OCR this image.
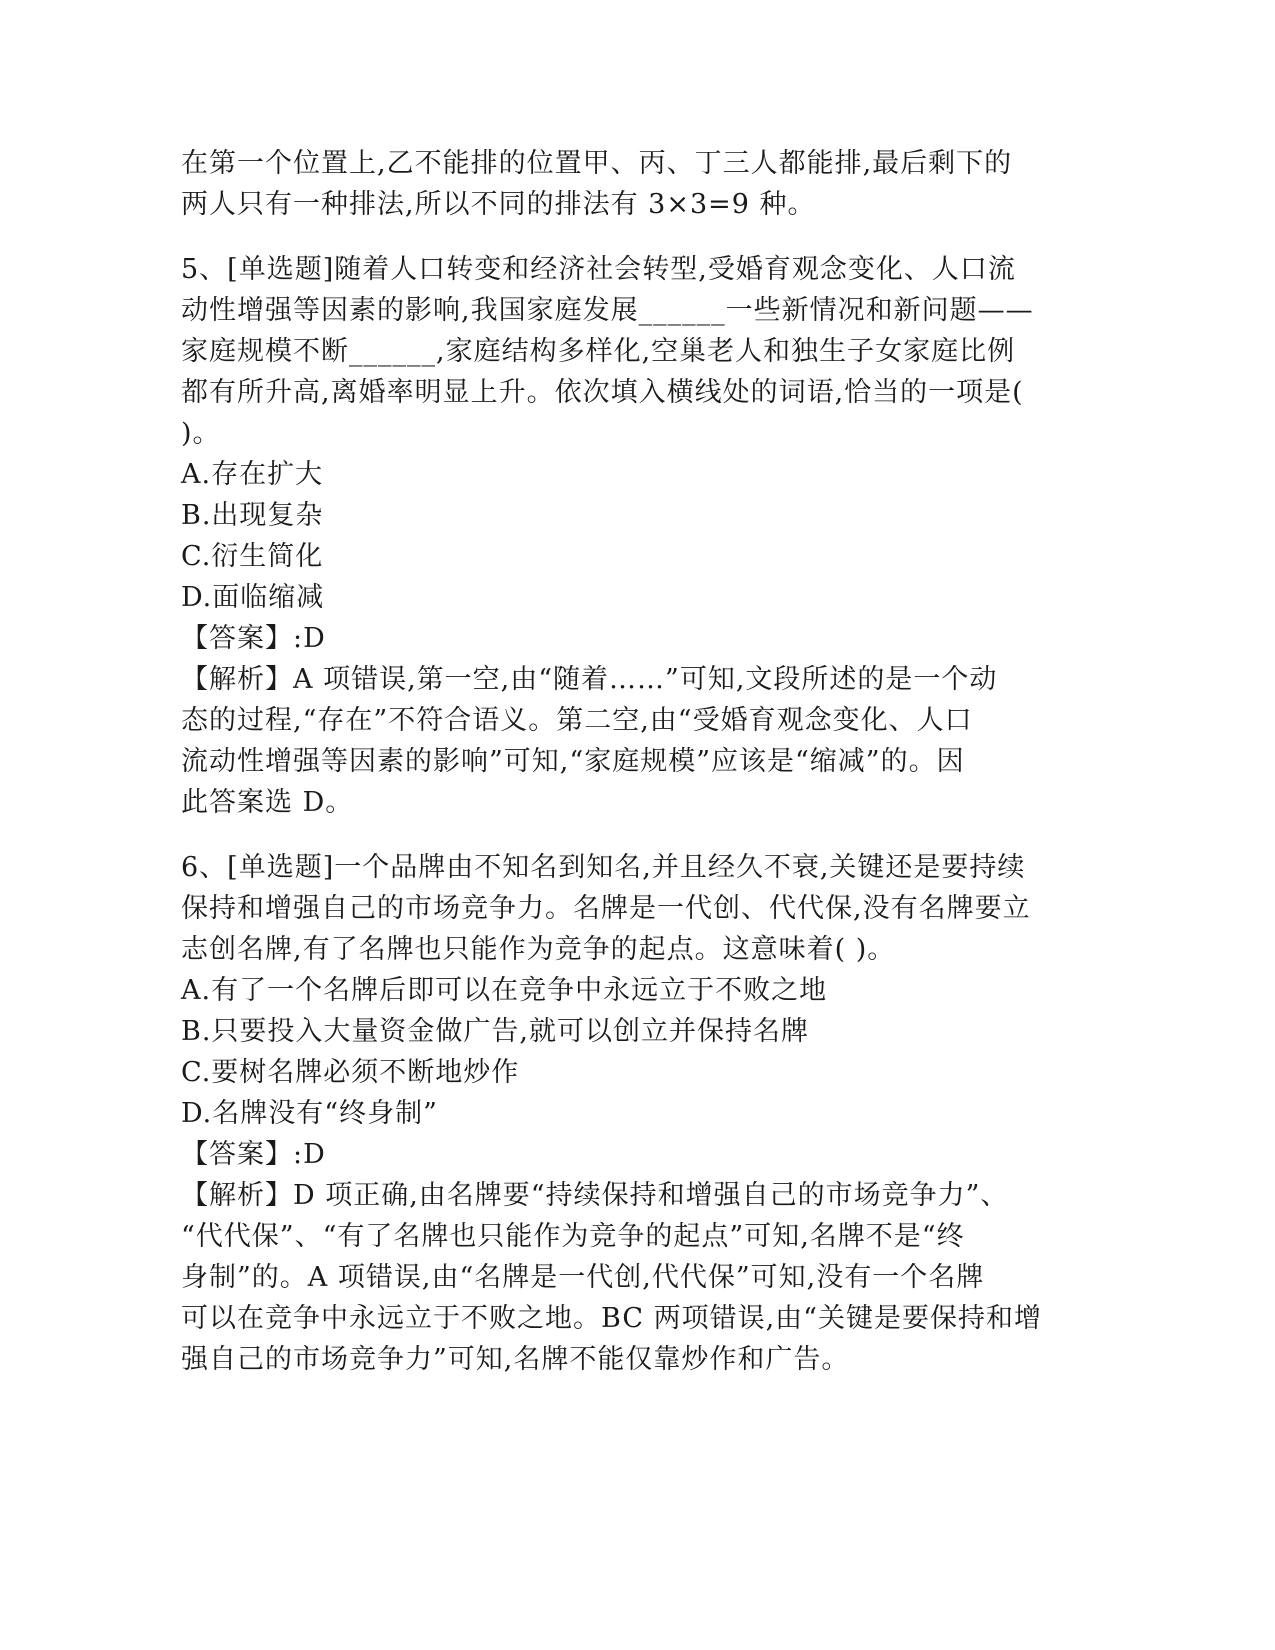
在第一个位置上,乙不能排的位置甲、丙、丁三人都能排,最后剩下的

两人只有一种排法,所以不同的排法有 3×3=9 种。

5、[单选题]随着人口转变和经济社会转型,受婚育观念变化、人口流

动性增强等因素的影响,我国家庭发展______一些新情况和新问题——

家庭规模不断______,家庭结构多样化,空巢老人和独生子女家庭比例

都有所升高,离婚率明显上升。依次填入横线处的词语,恰当的一项是(

)。

A.存在扩大

B.出现复杂

C.衍生简化

D.面临缩减

【答案】:D

【解析】A 项错误,第一空,由“随着……”可知,文段所述的是一个动

态的过程,“存在”不符合语义。第二空,由“受婚育观念变化、人口

流动性增强等因素的影响”可知,“家庭规模”应该是“缩减”的。因

此答案选 D。

6、[单选题]一个品牌由不知名到知名,并且经久不衰,关键还是要持续

保持和增强自己的市场竞争力。名牌是一代创、代代保,没有名牌要立

志创名牌,有了名牌也只能作为竞争的起点。这意味着( )。

A.有了一个名牌后即可以在竞争中永远立于不败之地

B.只要投入大量资金做广告,就可以创立并保持名牌

C.要树名牌必须不断地炒作

D.名牌没有“终身制”

【答案】:D

【解析】D 项正确,由名牌要“持续保持和增强自己的市场竞争力”、

“代代保”、“有了名牌也只能作为竞争的起点”可知,名牌不是“终

身制”的。A 项错误,由“名牌是一代创,代代保”可知,没有一个名牌

可以在竞争中永远立于不败之地。BC 两项错误,由“关键是要保持和增

强自己的市场竞争力”可知,名牌不能仅靠炒作和广告。
